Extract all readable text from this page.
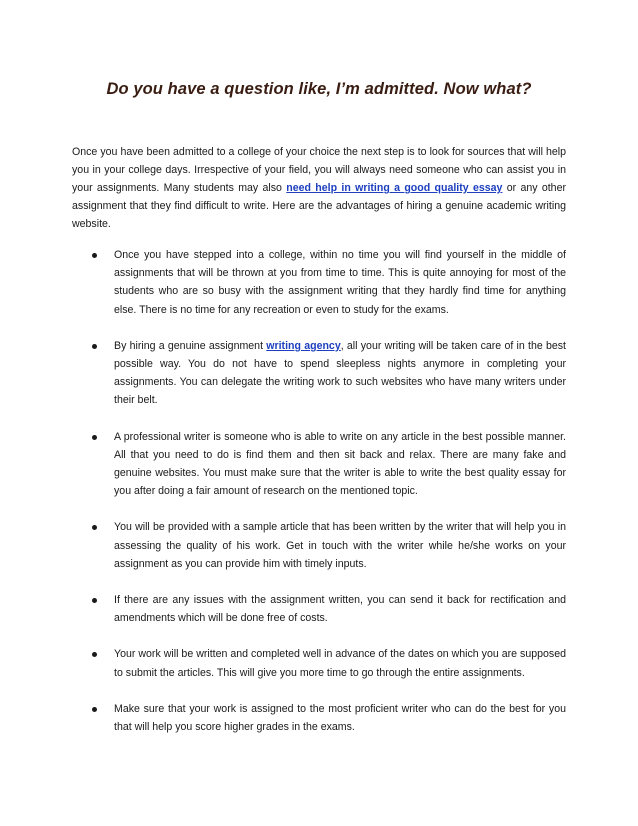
Do you have a question like, I’m admitted. Now what?

Once you have been admitted to a college of your choice the next step is to look for sources that will help you in your college days. Irrespective of your field, you will always need someone who can assist you in your assignments. Many students may also need help in writing a good quality essay or any other assignment that they find difficult to write. Here are the advantages of hiring a genuine academic writing website.

Once you have stepped into a college, within no time you will find yourself in the middle of assignments that will be thrown at you from time to time. This is quite annoying for most of the students who are so busy with the assignment writing that they hardly find time for anything else. There is no time for any recreation or even to study for the exams.
By hiring a genuine assignment writing agency, all your writing will be taken care of in the best possible way. You do not have to spend sleepless nights anymore in completing your assignments. You can delegate the writing work to such websites who have many writers under their belt.
A professional writer is someone who is able to write on any article in the best possible manner. All that you need to do is find them and then sit back and relax. There are many fake and genuine websites. You must make sure that the writer is able to write the best quality essay for you after doing a fair amount of research on the mentioned topic.
You will be provided with a sample article that has been written by the writer that will help you in assessing the quality of his work. Get in touch with the writer while he/she works on your assignment as you can provide him with timely inputs.
If there are any issues with the assignment written, you can send it back for rectification and amendments which will be done free of costs.
Your work will be written and completed well in advance of the dates on which you are supposed to submit the articles. This will give you more time to go through the entire assignments.
Make sure that your work is assigned to the most proficient writer who can do the best for you that will help you score higher grades in the exams.
